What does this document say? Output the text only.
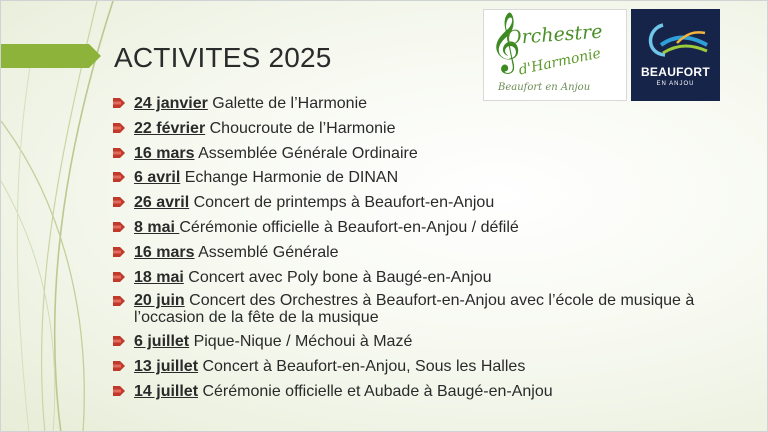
ACTIVITES 2025	𝄞
Orchestre
d'Harmonie
Beaufort en Anjou
BEAUFORT
EN ANJOU
24 janvier Galette de l’Harmonie
22 février Choucroute de l’Harmonie
16 mars Assemblée Générale Ordinaire
6 avril Echange Harmonie de DINAN
26 avril Concert de printemps à Beaufort-en-Anjou
8 mai Cérémonie officielle à Beaufort-en-Anjou / défilé
16 mars Assemblé Générale
18 mai Concert avec Poly bone à Baugé-en-Anjou
20 juin Concert des Orchestres à Beaufort-en-Anjou avec l’école de musique à l’occasion de la fête de la musique
6 juillet Pique-Nique / Méchoui à Mazé
13 juillet Concert à Beaufort-en-Anjou, Sous les Halles
14 juillet Cérémonie officielle et Aubade à Baugé-en-Anjou
